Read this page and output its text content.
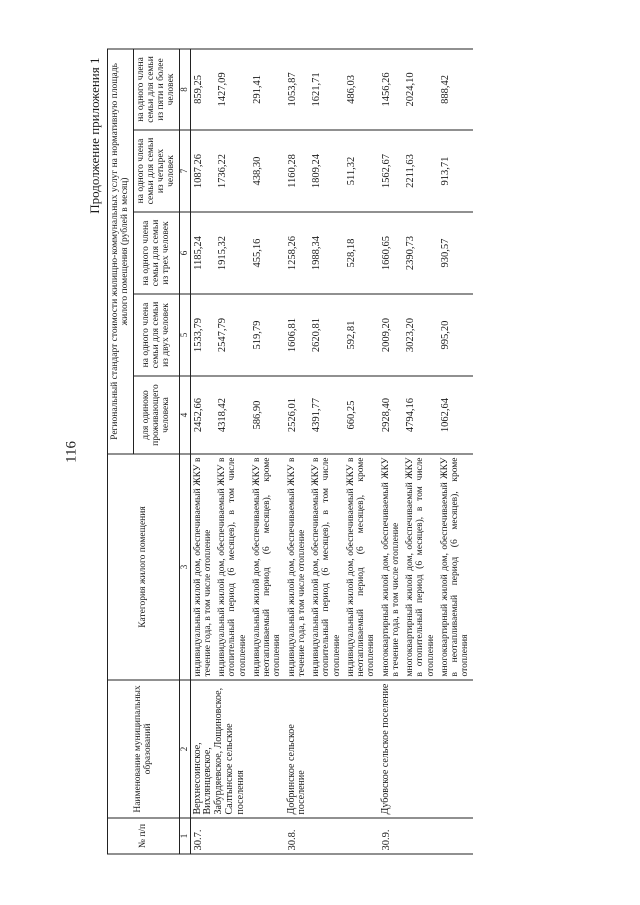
116
Продолжение приложения 1
№ п/п	Наименование муниципальных образований	Категория жилого помещения	Региональный стандарт стоимости жилищно-коммунальных услуг на нормативную площадь жилого помещения (рублей в месяц)				
			для одиноко проживающего человека	на одного члена семьи для семьи из двух человек	на одного члена семьи для семьи из трех человек	на одного члена семьи для семьи из четырех человек	на одного члена семьи для семьи из пяти и более человек

1	2	3	4	5	6	7	8
30.7.	Верхнесоинское, Вихлянцевское, Забурдяевское, Лощиновское, Салтынское сельские поселения	индивидуальный жилой дом, обеспечиваемый ЖКУ в течение года, в том числе отопление	2452,66	1533,79	1185,24	1087,26	859,25
		индивидуальный жилой дом, обеспечиваемый ЖКУ в отопительный период (6 месяцев), в том числе отопление	4318,42	2547,79	1915,32	1736,22	1427,09
		индивидуальный жилой дом, обеспечиваемый ЖКУ в неотапливаемый период (6 месяцев), кроме отопления	586,90	519,79	455,16	438,30	291,41
30.8.	Добринское сельское поселение	индивидуальный жилой дом, обеспечиваемый ЖКУ в течение года, в том числе отопление	2526,01	1606,81	1258,26	1160,28	1053,87
		индивидуальный жилой дом, обеспечиваемый ЖКУ в отопительный период (6 месяцев), в том числе отопление	4391,77	2620,81	1988,34	1809,24	1621,71
		индивидуальный жилой дом, обеспечиваемый ЖКУ в неотапливаемый период (6 месяцев), кроме отопления	660,25	592,81	528,18	511,32	486,03
30.9.	Дубовское сельское поселение	многоквартирный жилой дом, обеспечиваемый ЖКУ в течение года, в том числе отопление	2928,40	2009,20	1660,65	1562,67	1456,26
		многоквартирный жилой дом, обеспечиваемый ЖКУ в отопительный период (6 месяцев), в том числе отопление	4794,16	3023,20	2390,73	2211,63	2024,10
		многоквартирный жилой дом, обеспечиваемый ЖКУ в неотапливаемый период (6 месяцев), кроме отопления	1062,64	995,20	930,57	913,71	888,42
